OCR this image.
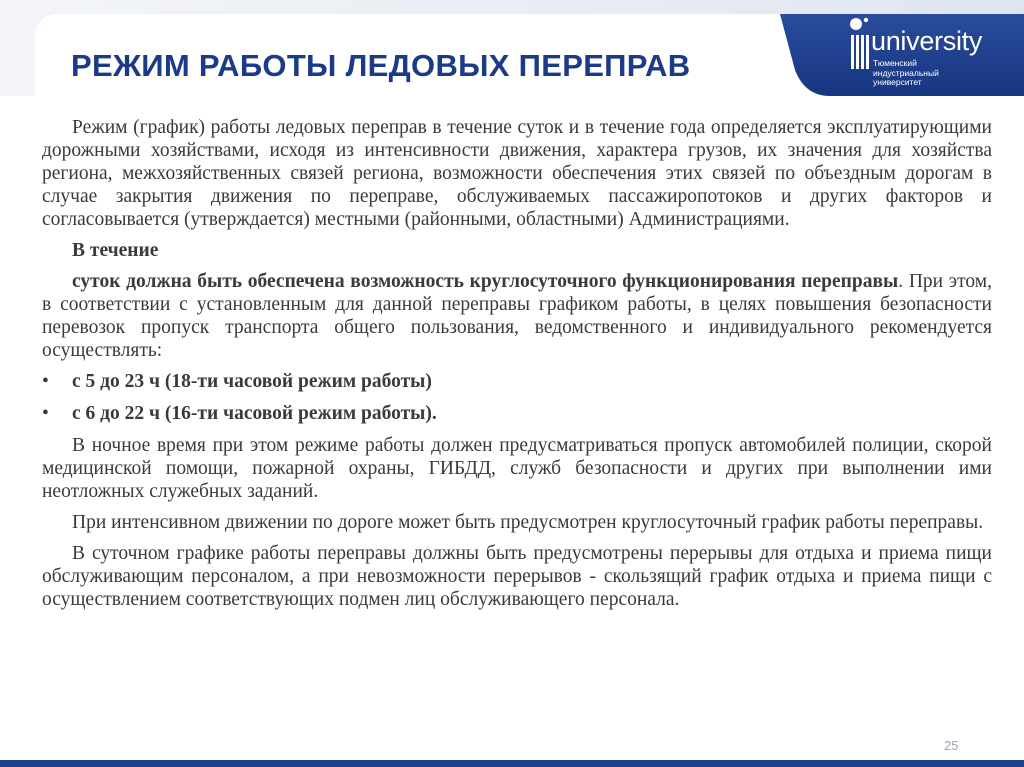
РЕЖИМ РАБОТЫ ЛЕДОВЫХ ПЕРЕПРАВ
university
Тюменский
индустриальный
университет

Режим (график) работы ледовых переправ в течение суток и в течение года определяется эксплуатирующими дорожными хозяйствами, исходя из интенсивности движения, характера грузов, их значения для хозяйства региона, межхозяйственных связей региона, возможности обеспечения этих связей по объездным дорогам в случае закрытия движения по переправе, обслуживаемых пассажиропотоков и других факторов и согласовывается (утверждается) местными (районными, областными) Администрациями.

В течение

суток должна быть обеспечена возможность круглосуточного функционирования переправы. При этом, в соответствии с установленным для данной переправы графиком работы, в целях повышения безопасности перевозок пропуск транспорта общего пользования, ведомственного и индивидуального рекомендуется осуществлять:

• с 5 до 23 ч (18-ти часовой режим работы)
• с 6 до 22 ч (16-ти часовой режим работы).

В ночное время при этом режиме работы должен предусматриваться пропуск автомобилей полиции, скорой медицинской помощи, пожарной охраны, ГИБДД, служб безопасности и других при выполнении ими неотложных служебных заданий.

При интенсивном движении по дороге может быть предусмотрен круглосуточный график работы переправы.

В суточном графике работы переправы должны быть предусмотрены перерывы для отдыха и приема пищи обслуживающим персоналом, а при невозможности перерывов - скользящий график отдыха и приема пищи с осуществлением соответствующих подмен лиц обслуживающего персонала.

25
